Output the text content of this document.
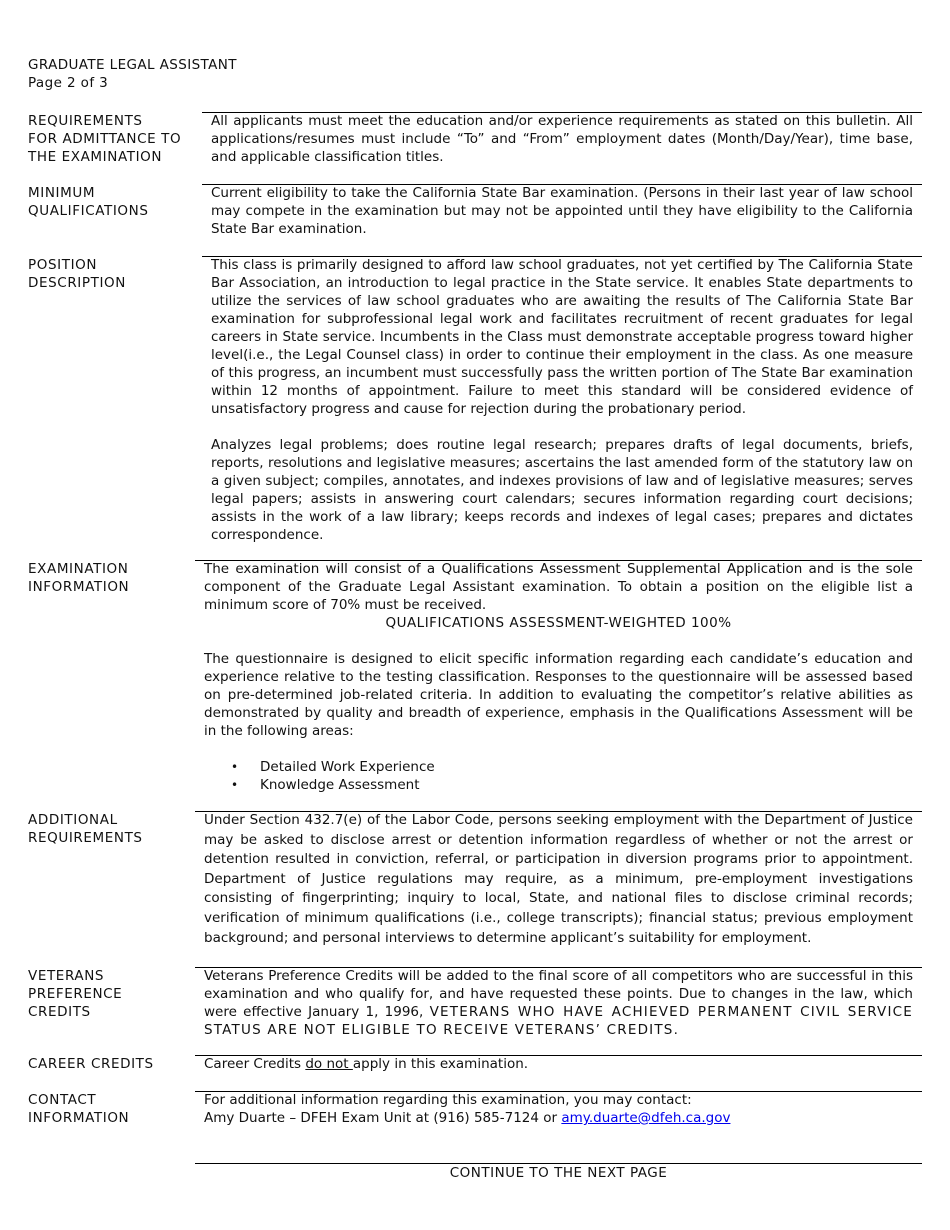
GRADUATE LEGAL ASSISTANT
Page 2 of 3
REQUIREMENTS
FOR ADMITTANCE TO
THE EXAMINATION

All applicants must meet the education and/or experience requirements as stated on this bulletin. All applications/resumes must include “To” and “From” employment dates (Month/Day/Year), time base, and applicable classification titles.

MINIMUM
QUALIFICATIONS

Current eligibility to take the California State Bar examination. (Persons in their last year of law school may compete in the examination but may not be appointed until they have eligibility to the California State Bar examination.

POSITION
DESCRIPTION

This class is primarily designed to afford law school graduates, not yet certified by The California State Bar Association, an introduction to legal practice in the State service. It enables State departments to utilize the services of law school graduates who are awaiting the results of The California State Bar examination for subprofessional legal work and facilitates recruitment of recent graduates for legal careers in State service. Incumbents in the Class must demonstrate acceptable progress toward higher level(i.e., the Legal Counsel class) in order to continue their employment in the class. As one measure of this progress, an incumbent must successfully pass the written portion of The State Bar examination within 12 months of appointment. Failure to meet this standard will be considered evidence of unsatisfactory progress and cause for rejection during the probationary period.

Analyzes legal problems; does routine legal research; prepares drafts of legal documents, briefs, reports, resolutions and legislative measures; ascertains the last amended form of the statutory law on a given subject; compiles, annotates, and indexes provisions of law and of legislative measures; serves legal papers; assists in answering court calendars; secures information regarding court decisions; assists in the work of a law library; keeps records and indexes of legal cases; prepares and dictates correspondence.

EXAMINATION
INFORMATION

The examination will consist of a Qualifications Assessment Supplemental Application and is the sole component of the Graduate Legal Assistant examination. To obtain a position on the eligible list a minimum score of 70% must be received.

QUALIFICATIONS ASSESSMENT-WEIGHTED 100%

The questionnaire is designed to elicit specific information regarding each candidate’s education and experience relative to the testing classification. Responses to the questionnaire will be assessed based on pre-determined job-related criteria. In addition to evaluating the competitor’s relative abilities as demonstrated by quality and breadth of experience, emphasis in the Qualifications Assessment will be in the following areas:

• Detailed Work Experience
• Knowledge Assessment
ADDITIONAL
REQUIREMENTS

Under Section 432.7(e) of the Labor Code, persons seeking employment with the Department of Justice may be asked to disclose arrest or detention information regardless of whether or not the arrest or detention resulted in conviction, referral, or participation in diversion programs prior to appointment. Department of Justice regulations may require, as a minimum, pre-employment investigations consisting of fingerprinting; inquiry to local, State, and national files to disclose criminal records; verification of minimum qualifications (i.e., college transcripts); financial status; previous employment background; and personal interviews to determine applicant’s suitability for employment.

VETERANS
PREFERENCE
CREDITS

Veterans Preference Credits will be added to the final score of all competitors who are successful in this examination and who qualify for, and have requested these points. Due to changes in the law, which were effective January 1, 1996, VETERANS WHO HAVE ACHIEVED PERMANENT CIVIL SERVICE STATUS ARE NOT ELIGIBLE TO RECEIVE VETERANS’ CREDITS.

CAREER CREDITS	Career Credits do not apply in this examination.

CONTACT
INFORMATION
For additional information regarding this examination, you may contact:
Amy Duarte – DFEH Exam Unit at (916) 585-7124 or amy.duarte@dfeh.ca.gov
CONTINUE TO THE NEXT PAGE
